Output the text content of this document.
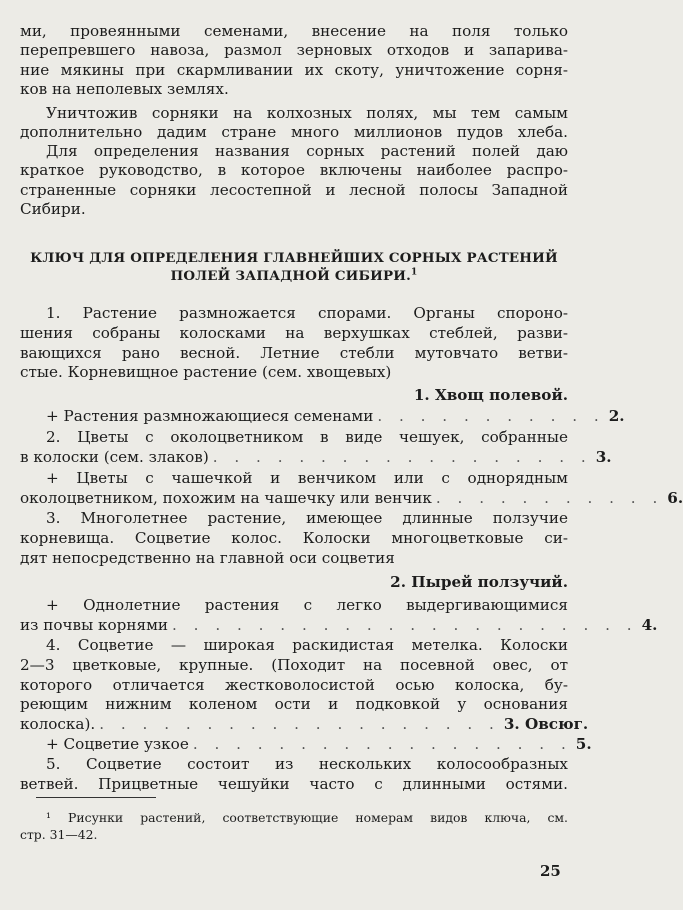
ми, провеянными семенами, внесение на поля только
перепревшего навоза, размол зерновых отходов и запарива-
ние мякины при скармливании их скоту, уничтожение сорня-
ков на неполевых землях.
Уничтожив сорняки на колхозных полях, мы тем самым
дополнительно дадим стране много миллионов пудов хлеба.
Для определения названия сорных растений полей даю
краткое руководство, в которое включены наиболее распро-
страненные сорняки лесостепной и лесной полосы Западной
Сибири.
КЛЮЧ ДЛЯ ОПРЕДЕЛЕНИЯ ГЛАВНЕЙШИХ СОРНЫХ РАСТЕНИЙ
ПОЛЕЙ ЗАПАДНОЙ СИБИРИ.$^1$
1. Растение размножается спорами. Органы спороно-
шения собраны колосками на верхушках стеблей, разви-
вающихся рано весной. Летние стебли мутовчато ветви-
стые. Корневищное растение (сем. хвощевых)
1. Хвощ полевой.
+ Растения размножающиеся семенами . . . . . . . . . . . 2.
2. Цветы с околоцветником в виде чешуек, собранные
в колоски (сем. злаков) . . . . . . . . . . . . . . . . . . 3.
+ Цветы с чашечкой и венчиком или с однорядным
околоцветником, похожим на чашечку или венчик . . . . . . . . . . . 6.
3. Многолетнее растение, имеющее длинные ползучие
корневища. Соцветие колос. Колоски многоцветковые си-
дят непосредственно на главной оси соцветия
2. Пырей ползучий.
+ Однолетние растения с легко выдергивающимися
из почвы корнями . . . . . . . . . . . . . . . . . . . . . . 4.
4. Соцветие — широкая раскидистая метелка. Колоски
2—3 цветковые, крупные. (Походит на посевной овес, от
которого отличается жестковолосистой осью колоска, бу-
реющим нижним коленом ости и подковкой у основания
колоска). . . . . . . . . . . . . . . . . . . . 3. Овсюг.
+ Соцветие узкое . . . . . . . . . . . . . . . . . . 5.
5. Соцветие состоит из нескольких колосообразных
ветвей. Прицветные чешуйки часто с длинными остями.
¹ Рисунки растений, соответствующие номерам видов ключа, см.
стр. 31—42.
25
